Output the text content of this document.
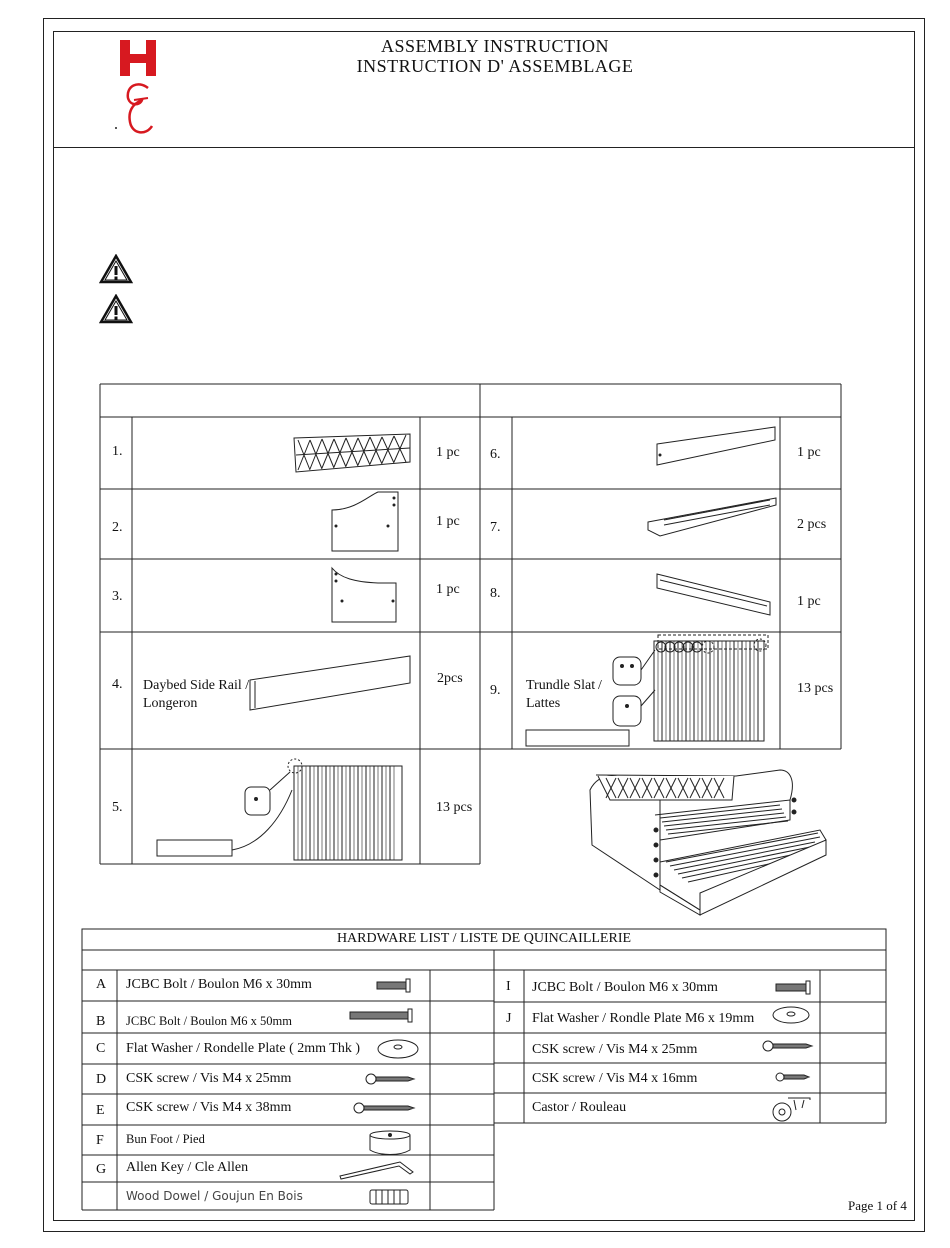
ASSEMBLY INSTRUCTION
INSTRUCTION D' ASSEMBLAGE
1.
2.
3.
4.
5.
6.
7.
8.
9.
1 pc
1 pc
1 pc
2pcs
13 pcs
1 pc
2 pcs
1 pc
13 pcs
Daybed Side Rail /
Longeron
Trundle Slat /
Lattes
HARDWARE LIST / LISTE DE QUINCAILLERIE
A JCBC Bolt / Boulon M6 x 30mm
B JCBC Bolt / Boulon M6 x 50mm
C Flat Washer / Rondelle Plate ( 2mm Thk )
D CSK screw / Vis M4 x 25mm
E CSK screw / Vis M4 x 38mm
F Bun Foot / Pied
G Allen Key / Cle Allen
Wood Dowel / Goujun En Bois
I JCBC Bolt / Boulon M6 x 30mm
J Flat Washer / Rondle Plate M6 x 19mm
CSK screw / Vis M4 x 25mm
CSK screw / Vis M4 x 16mm
Castor / Rouleau
Page 1 of 4
